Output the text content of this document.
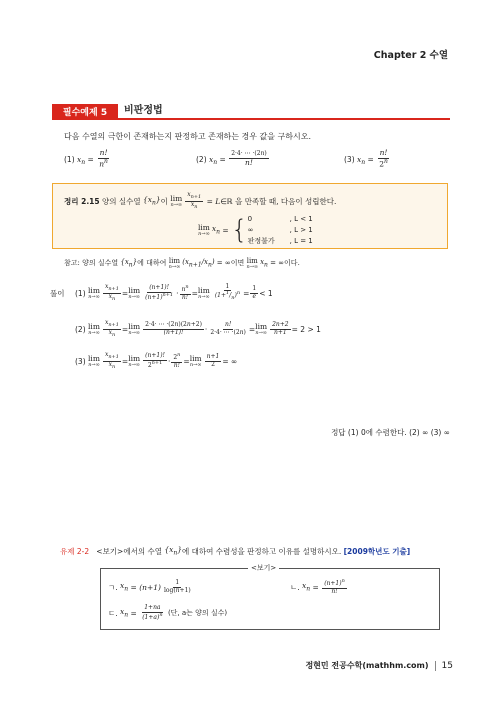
Chapter 2 수열
필수예제 5 비판정법
다음 수열의 극한이 존재하는지 판정하고 존재하는 경우 값을 구하시오.
(1)
x $n = \frac{n!}{n^n}$	(2)
x $n = \frac{2\cdot 4\cdot \cdots \cdot(2n)}{n!}$	(3)
x $n = \frac{n!}{2^n}$
정리 2.15
양의 실수열
$\{x_n\}$ 이
lim
$n\to\infty \frac{x_{n+1}}{x_n} = L$ ∈ℝ 을 만족할 때, 다음이 성립한다.
lim
n→∞
$x_n$ = { 0	, L < 1
∞	, L > 1
판정불가	, L = 1
참고: 양의 실수열
$\{x_n\}$ 에 대하여
lim
n→∞
$(x_{n+1}/x_n)$ = ∞ 이면
lim
n→∞
$x_n$ = ∞ 이다.
풀이 (1)
lim
$n\to\infty \frac{x_{n+1}}{x_n} = \lim$
$n\to\infty \frac{(n+1)!}{(n+1)^{n+1}} \cdot \frac{n^n}{n!} = \lim$
$n\to\infty \frac{1}{(1+^1/_n)^n} = \frac{1}{e} < 1$
(2)
lim
$n\to\infty \frac{x_{n+1}}{x_n} = \lim$
$n\to\infty \frac{2\cdot 4\cdot \cdots \cdot(2n)(2n+2)}{(n+1)!} \cdot \frac{n!}{2\cdot 4\cdot \cdots \cdot(2n)} = \lim$
$n\to\infty \frac{2n+2}{n+1} = 2 > 1$
(3)
lim
$n\to\infty \frac{x_{n+1}}{x_n} = \lim$
$n\to\infty \frac{(n+1)!}{2^{n+1}} \cdot \frac{2^n}{n!} = \lim$
$n\to\infty \frac{n+1}{2}$ = ∞
정답 (1) 0에 수렴한다. (2) ∞ (3) ∞
유제 2-2
<보기>에서의 수열
$\{x_n\}$ 에 대하여 수렴성을 판정하고 이유를 설명하시오.
[2009학년도 기출]
<보기>
ㄱ.
$x_n = (n+1) \frac{1}{\log(n+1)}$	ㄴ.
$x_n = \frac{(n+1)^n}{n!}$
ㄷ.
$x_n = \frac{1+na}{(1+a)^n}$
(단, a는 양의 실수)
정현민 전공수학(mathhm.com) 15
